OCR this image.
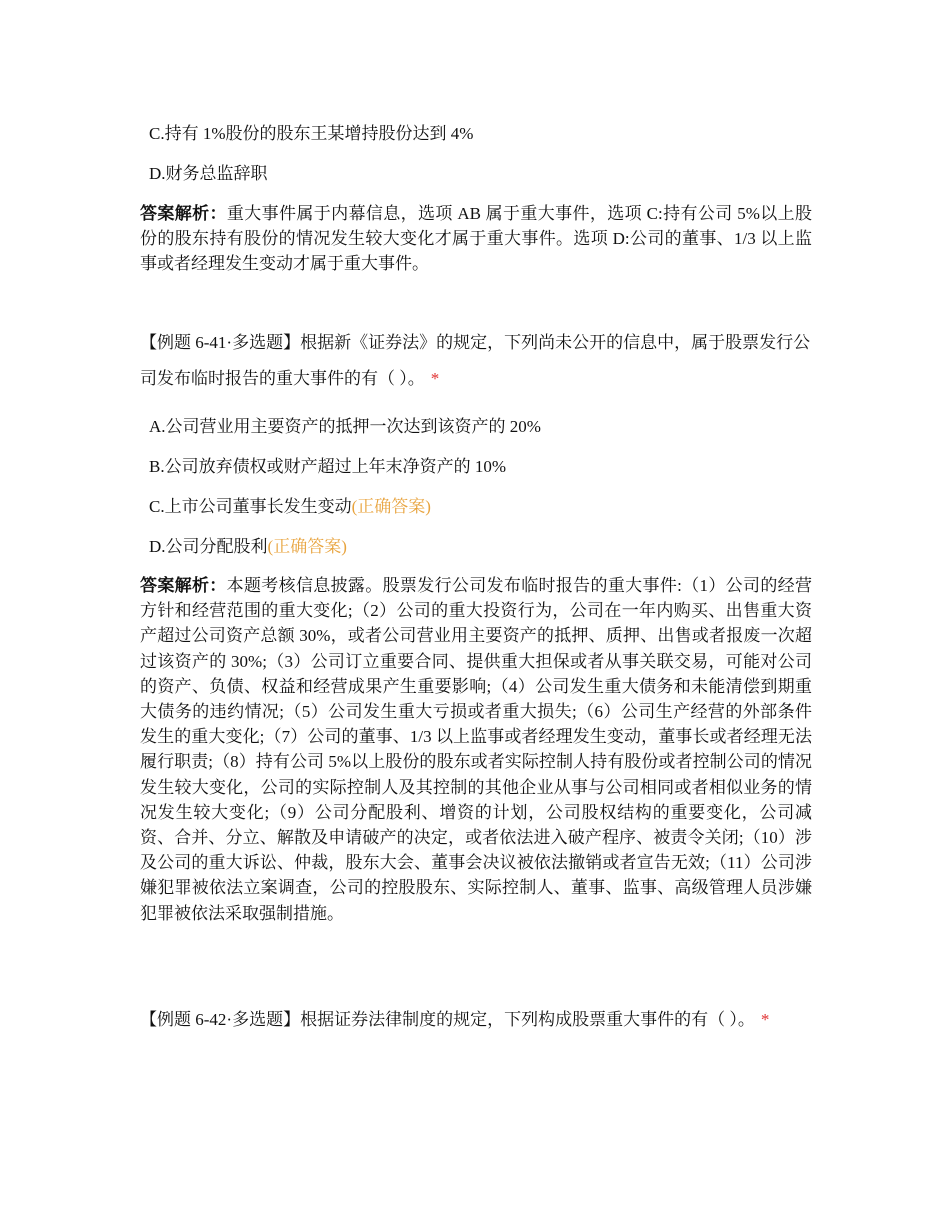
C.持有 1%股份的股东王某增持股份达到 4%
D.财务总监辞职
答案解析：重大事件属于内幕信息，选项 AB 属于重大事件，选项 C:持有公司 5%以上股份的股东持有股份的情况发生较大变化才属于重大事件。选项 D:公司的董事、1/3 以上监事或者经理发生变动才属于重大事件。
【例题 6-41·多选题】根据新《证券法》的规定，下列尚未公开的信息中，属于股票发行公司发布临时报告的重大事件的有（ ）。 *
A.公司营业用主要资产的抵押一次达到该资产的 20%
B.公司放弃债权或财产超过上年末净资产的 10%
C.上市公司董事长发生变动(正确答案)
D.公司分配股利(正确答案)
答案解析：本题考核信息披露。股票发行公司发布临时报告的重大事件:（1）公司的经营方针和经营范围的重大变化;（2）公司的重大投资行为，公司在一年内购买、出售重大资产超过公司资产总额 30%，或者公司营业用主要资产的抵押、质押、出售或者报废一次超过该资产的 30%;（3）公司订立重要合同、提供重大担保或者从事关联交易，可能对公司的资产、负债、权益和经营成果产生重要影响;（4）公司发生重大债务和未能清偿到期重大债务的违约情况;（5）公司发生重大亏损或者重大损失;（6）公司生产经营的外部条件发生的重大变化;（7）公司的董事、1/3 以上监事或者经理发生变动，董事长或者经理无法履行职责;（8）持有公司 5%以上股份的股东或者实际控制人持有股份或者控制公司的情况发生较大变化，公司的实际控制人及其控制的其他企业从事与公司相同或者相似业务的情况发生较大变化;（9）公司分配股利、增资的计划，公司股权结构的重要变化，公司减资、合并、分立、解散及申请破产的决定，或者依法进入破产程序、被责令关闭;（10）涉及公司的重大诉讼、仲裁，股东大会、董事会决议被依法撤销或者宣告无效;（11）公司涉嫌犯罪被依法立案调查，公司的控股股东、实际控制人、董事、监事、高级管理人员涉嫌犯罪被依法采取强制措施。
【例题 6-42·多选题】根据证券法律制度的规定，下列构成股票重大事件的有（ ）。 *
